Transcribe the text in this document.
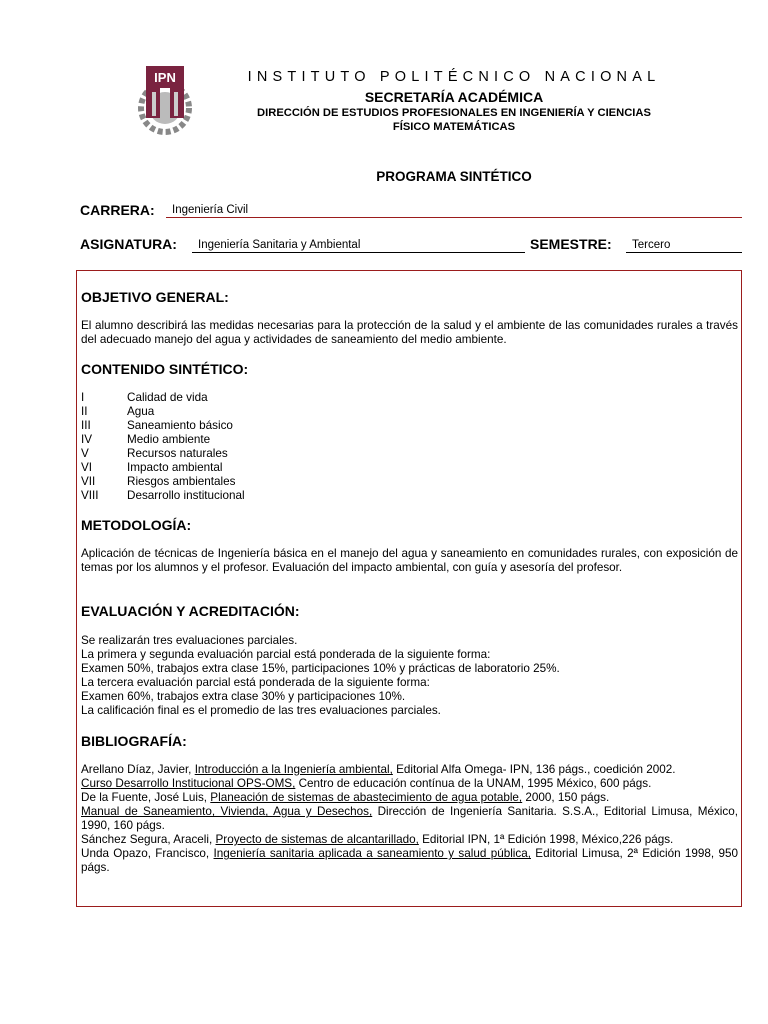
IPN	INSTITUTO POLITÉCNICO NACIONAL
SECRETARÍA ACADÉMICA
DIRECCIÓN DE ESTUDIOS PROFESIONALES EN INGENIERÍA Y CIENCIAS
FÍSICO MATEMÁTICAS
PROGRAMA SINTÉTICO
CARRERA:	Ingeniería Civil
ASIGNATURA:	Ingeniería Sanitaria y Ambiental	SEMESTRE:	Tercero
OBJETIVO GENERAL:

El alumno describirá las medidas necesarias para la protección de la salud y el ambiente de las comunidades rurales a través del adecuado manejo del agua y actividades de saneamiento del medio ambiente.

CONTENIDO SINTÉTICO:
I	Calidad de vida
II	Agua
III	Saneamiento básico
IV	Medio ambiente
V	Recursos naturales
VI	Impacto ambiental
VII	Riesgos ambientales
VIII	Desarrollo institucional
METODOLOGÍA:

Aplicación de técnicas de Ingeniería básica en el manejo del agua y saneamiento en comunidades rurales, con exposición de temas por los alumnos y el profesor. Evaluación del impacto ambiental, con guía y asesoría del profesor.

EVALUACIÓN Y ACREDITACIÓN:
Se realizarán tres evaluaciones parciales.
La primera y segunda evaluación parcial está ponderada de la siguiente forma:
Examen 50%, trabajos extra clase 15%, participaciones 10% y prácticas de laboratorio 25%.
La tercera evaluación parcial está ponderada de la siguiente forma:
Examen 60%, trabajos extra clase 30% y participaciones 10%.
La calificación final es el promedio de las tres evaluaciones parciales.
BIBLIOGRAFÍA:
Arellano Díaz, Javier, Introducción a la Ingeniería ambiental, Editorial Alfa Omega- IPN, 136 págs., coedición 2002.
Curso Desarrollo Institucional OPS-OMS, Centro de educación contínua de la UNAM, 1995 México, 600 págs.
De la Fuente, José Luis, Planeación de sistemas de abastecimiento de agua potable, 2000, 150 págs.
Manual de Saneamiento, Vivienda, Agua y Desechos, Dirección de Ingeniería Sanitaria. S.S.A., Editorial Limusa, México, 1990, 160 págs.
Sánchez Segura, Araceli, Proyecto de sistemas de alcantarillado, Editorial IPN, 1ª Edición 1998, México,226 págs.
Unda Opazo, Francisco, Ingeniería sanitaria aplicada a saneamiento y salud pública, Editorial Limusa, 2ª Edición 1998, 950 págs.
